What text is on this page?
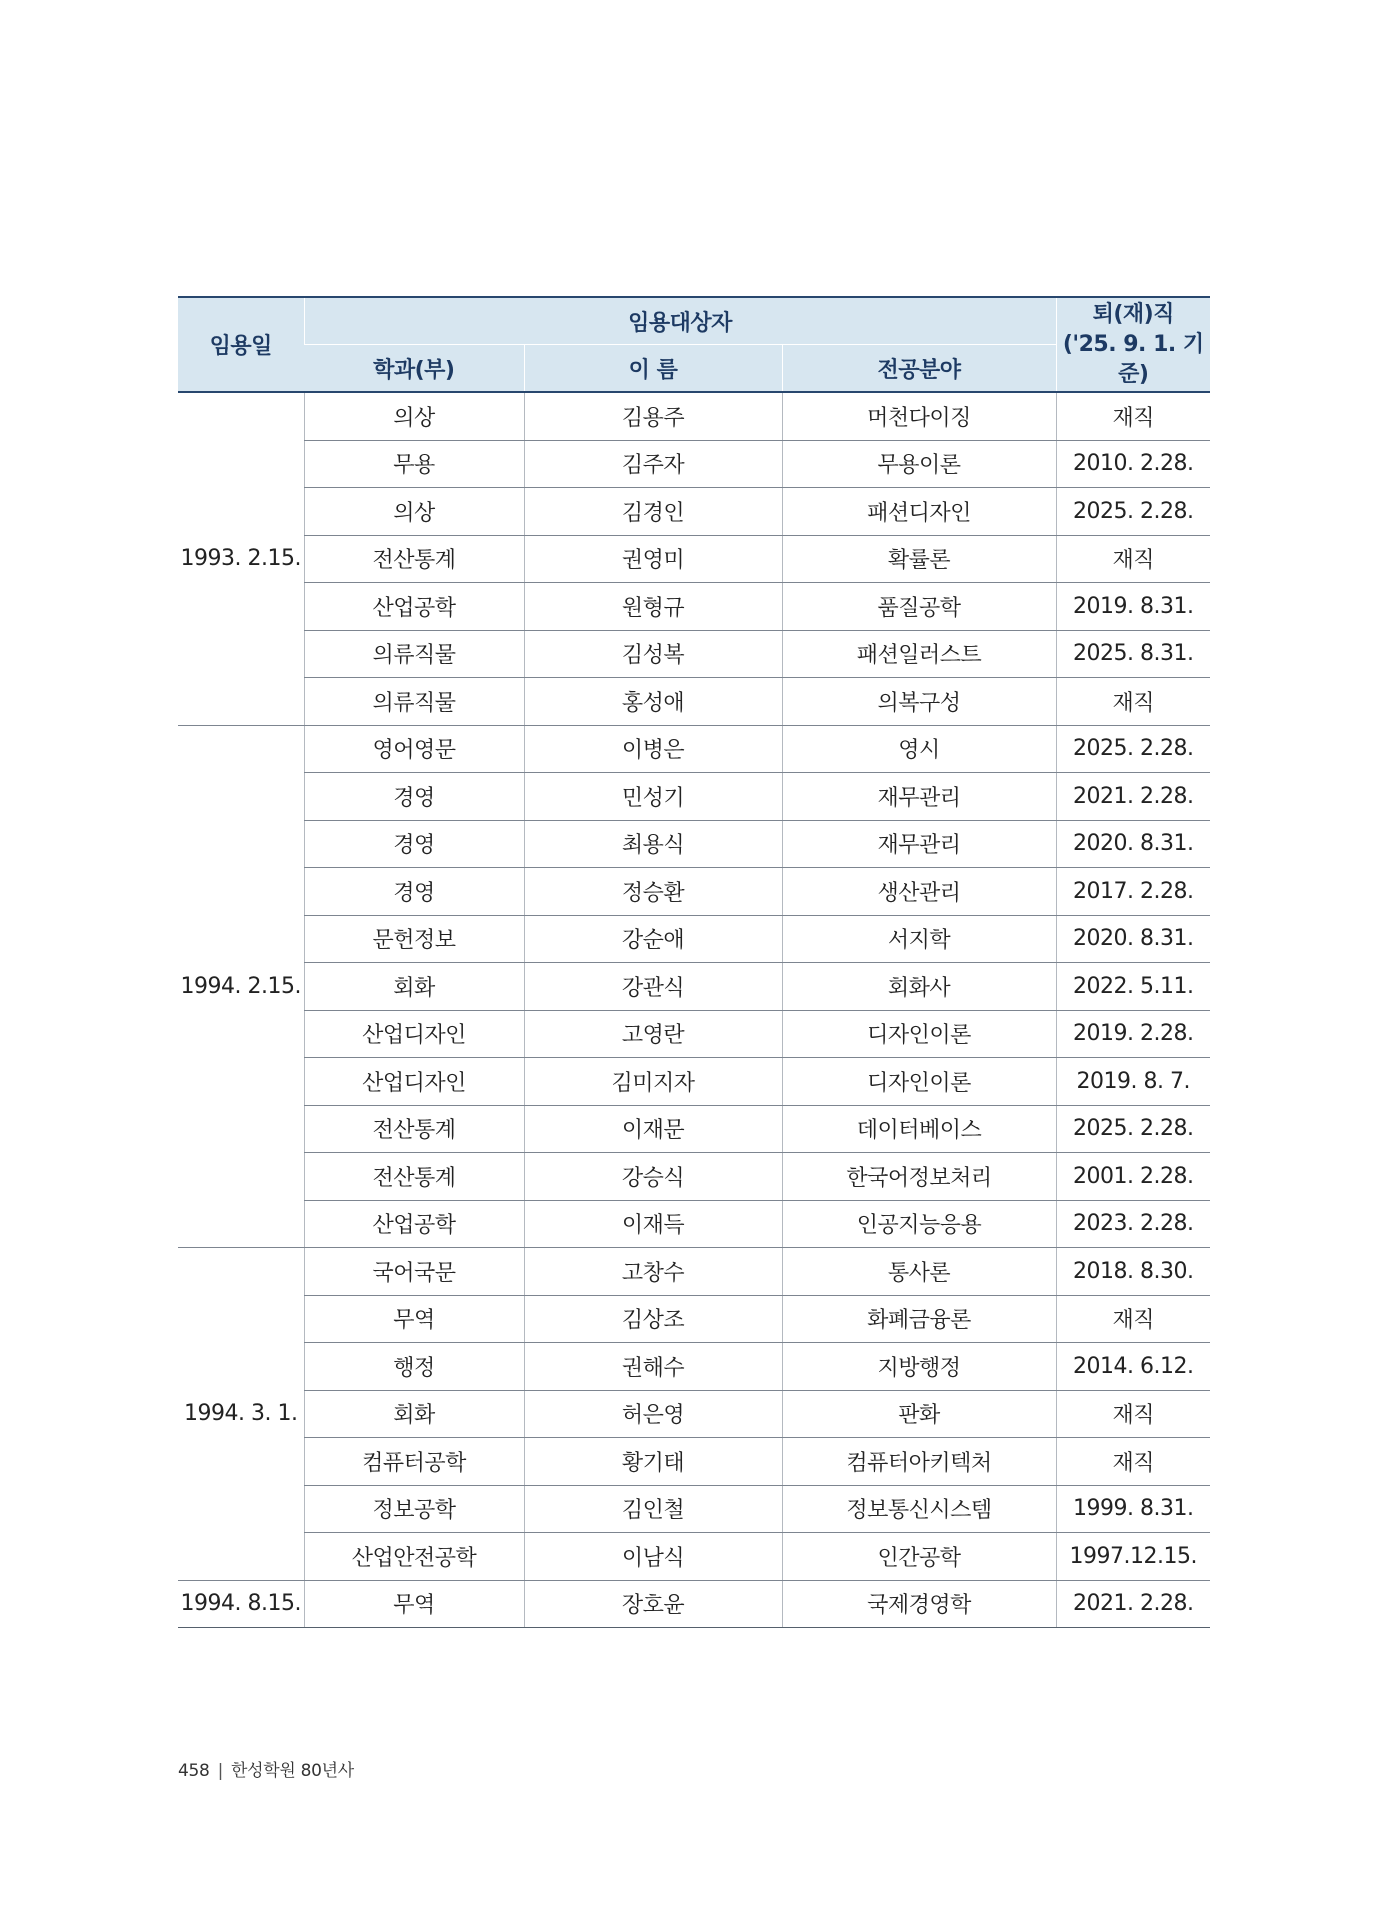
임용일	임용대상자			퇴(재)직
('25. 9. 1. 기준)
	학과(부)	이 름	전공분야	
1993. 2.15.	의상	김용주	머천다이징	재직
	무용	김주자	무용이론	2010. 2.28.
	의상	김경인	패션디자인	2025. 2.28.
	전산통계	권영미	확률론	재직
	산업공학	원형규	품질공학	2019. 8.31.
	의류직물	김성복	패션일러스트	2025. 8.31.
	의류직물	홍성애	의복구성	재직
1994. 2.15.	영어영문	이병은	영시	2025. 2.28.
	경영	민성기	재무관리	2021. 2.28.
	경영	최용식	재무관리	2020. 8.31.
	경영	정승환	생산관리	2017. 2.28.
	문헌정보	강순애	서지학	2020. 8.31.
	회화	강관식	회화사	2022. 5.11.
	산업디자인	고영란	디자인이론	2019. 2.28.
	산업디자인	김미지자	디자인이론	2019. 8. 7.
	전산통계	이재문	데이터베이스	2025. 2.28.
	전산통계	강승식	한국어정보처리	2001. 2.28.
	산업공학	이재득	인공지능응용	2023. 2.28.
1994. 3. 1.	국어국문	고창수	통사론	2018. 8.30.
	무역	김상조	화폐금융론	재직
	행정	권해수	지방행정	2014. 6.12.
	회화	허은영	판화	재직
	컴퓨터공학	황기태	컴퓨터아키텍처	재직
	정보공학	김인철	정보통신시스템	1999. 8.31.
	산업안전공학	이남식	인간공학	1997.12.15.
1994. 8.15.	무역	장호윤	국제경영학	2021. 2.28.
458 | 한성학원 80년사
